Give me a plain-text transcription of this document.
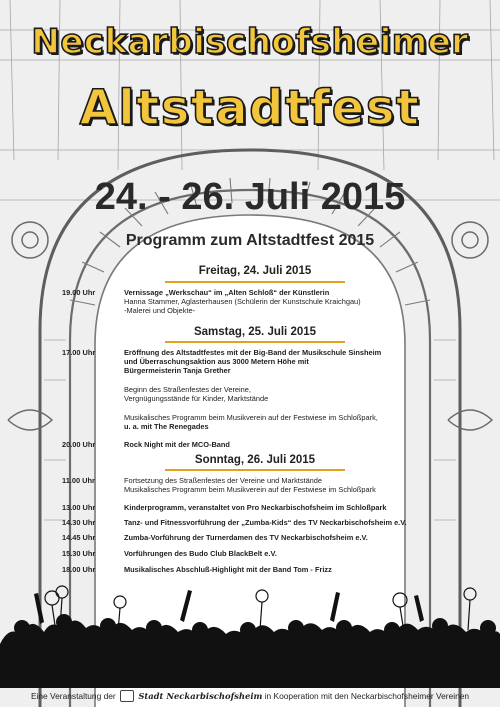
Neckarbischofsheimer
Altstadtfest
24. - 26. Juli 2015
Programm zum Altstadtfest 2015
Freitag, 24. Juli 2015
19.00 Uhr	Vernissage „Werkschau“ im „Alten Schloß“ der Künstlerin
Hanna Stammer, Aglasterhausen (Schülerin der Kunstschule Kraichgau)
-Malerei und Objekte-
Samstag, 25. Juli 2015
17.00 Uhr	Eröffnung des Altstadtfestes mit der Big-Band der Musikschule Sinsheim
und Überraschungsaktion aus 3000 Metern Höhe mit
Bürgermeisterin Tanja Grether
Beginn des Straßenfestes der Vereine,
Vergnügungsstände für Kinder, Marktstände
Musikalisches Programm beim Musikverein auf der Festwiese im Schloßpark,
u. a. mit The Renegades
20.00 Uhr	Rock Night mit der MCO-Band
Sonntag, 26. Juli 2015
11.00 Uhr	Fortsetzung des Straßenfestes der Vereine und Marktstände
Musikalisches Programm beim Musikverein auf der Festwiese im Schloßpark
13.00 Uhr	Kinderprogramm, veranstaltet von Pro Neckarbischofsheim im Schloßpark
14.30 Uhr	Tanz- und Fitnessvorführung der „Zumba-Kids“ des TV Neckarbischofsheim e.V.
14.45 Uhr	Zumba-Vorführung der Turnerdamen des TV Neckarbischofsheim e.V.
15.30 Uhr	Vorführungen des Budo Club BlackBelt e.V.
18.00 Uhr	Musikalisches Abschluß-Highlight mit der Band Tom - Frizz
Eine Veranstaltung der	Stadt Neckarbischofsheim in Kooperation mit den Neckarbischofsheimer Vereinen
